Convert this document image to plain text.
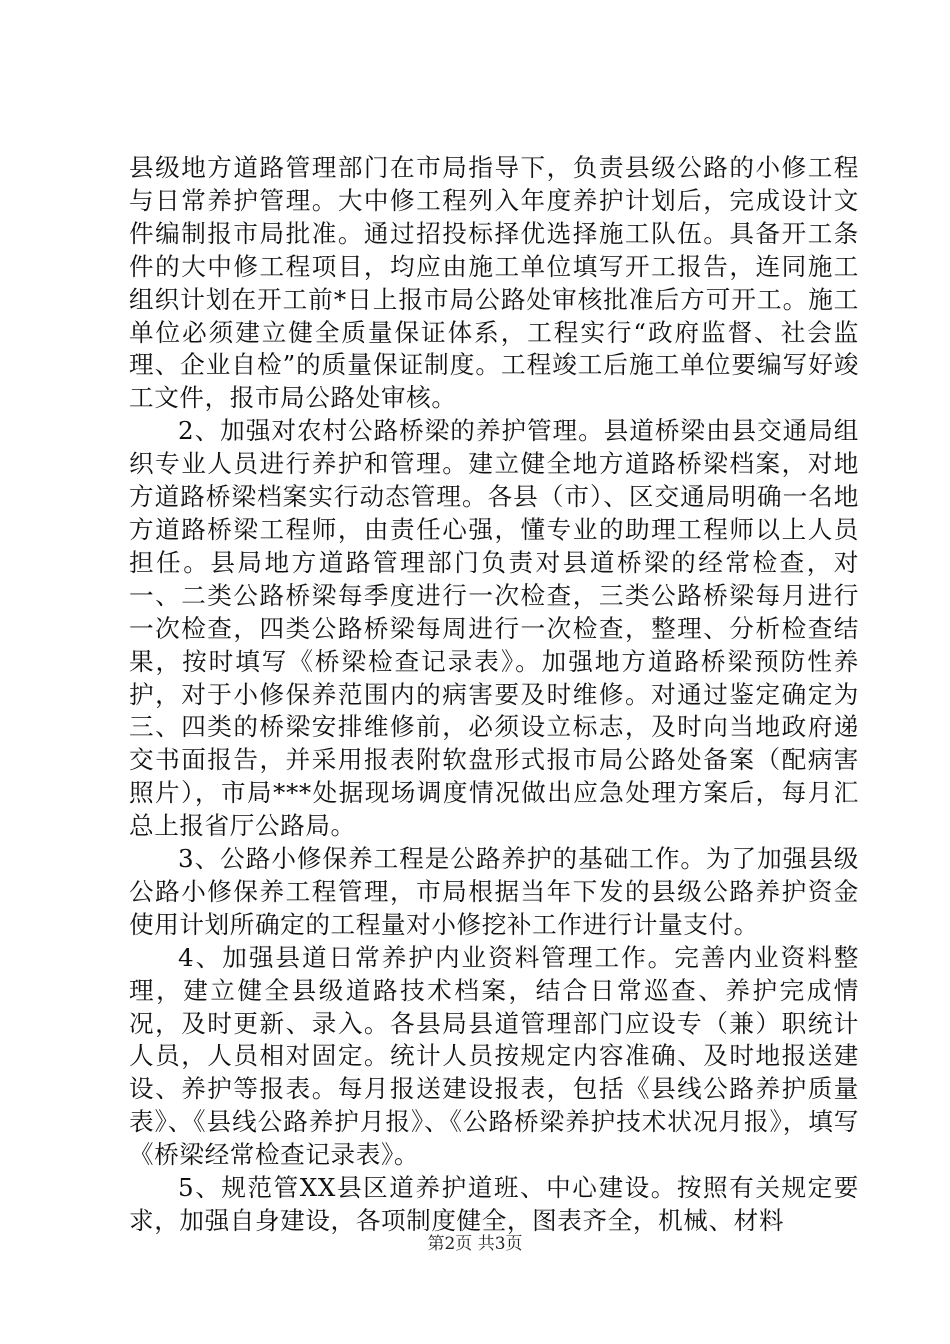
县级地方道路管理部门在市局指导下，负责县级公路的小修工程与日常养护管理。大中修工程列入年度养护计划后，完成设计文件编制报市局批准。通过招投标择优选择施工队伍。具备开工条件的大中修工程项目，均应由施工单位填写开工报告，连同施工组织计划在开工前*日上报市局公路处审核批准后方可开工。施工单位必须建立健全质量保证体系，工程实行“政府监督、社会监理、企业自检”的质量保证制度。工程竣工后施工单位要编写好竣工文件，报市局公路处审核。

2、加强对农村公路桥梁的养护管理。县道桥梁由县交通局组织专业人员进行养护和管理。建立健全地方道路桥梁档案，对地方道路桥梁档案实行动态管理。各县（市）、区交通局明确一名地方道路桥梁工程师，由责任心强，懂专业的助理工程师以上人员担任。县局地方道路管理部门负责对县道桥梁的经常检查，对一、二类公路桥梁每季度进行一次检查，三类公路桥梁每月进行一次检查，四类公路桥梁每周进行一次检查，整理、分析检查结果，按时填写《桥梁检查记录表》。加强地方道路桥梁预防性养护，对于小修保养范围内的病害要及时维修。对通过鉴定确定为三、四类的桥梁安排维修前，必须设立标志，及时向当地政府递交书面报告，并采用报表附软盘形式报市局公路处备案（配病害照片），市局***处据现场调度情况做出应急处理方案后，每月汇总上报省厅公路局。

3、公路小修保养工程是公路养护的基础工作。为了加强县级公路小修保养工程管理，市局根据当年下发的县级公路养护资金使用计划所确定的工程量对小修挖补工作进行计量支付。

4、加强县道日常养护内业资料管理工作。完善内业资料整理，建立健全县级道路技术档案，结合日常巡查、养护完成情况，及时更新、录入。各县局县道管理部门应设专（兼）职统计人员，人员相对固定。统计人员按规定内容准确、及时地报送建设、养护等报表。每月报送建设报表，包括《县线公路养护质量表》、《县线公路养护月报》、《公路桥梁养护技术状况月报》，填写《桥梁经常检查记录表》。

5、规范管XX县区道养护道班、中心建设。按照有关规定要求，加强自身建设，各项制度健全，图表齐全，机械、材料

第2页 共3页
